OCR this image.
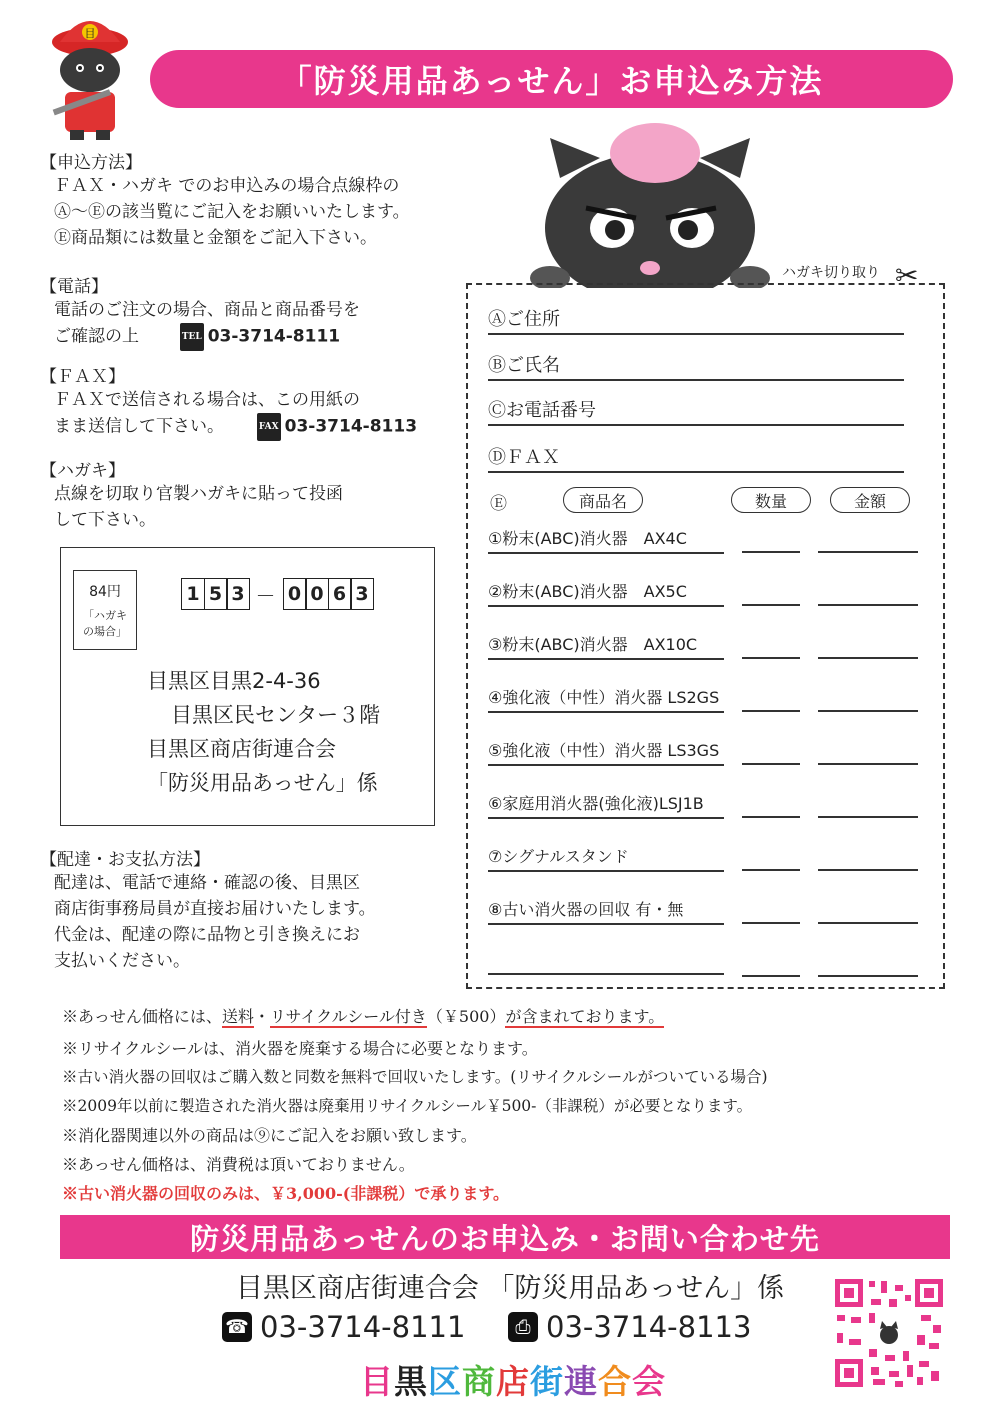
目
「防災用品あっせん」お申込み方法
【申込方法】
ＦＡＸ・ハガキ でのお申込みの場合点線枠の
Ⓐ～Ⓔの該当覧にご記入をお願いいたします。
Ⓔ商品類には数量と金額をご記入下さい。
【電話】
電話のご注文の場合、商品と商品番号を
ご確認の上	TEL 03-3714-8111
【ＦＡＸ】
ＦＡＸで送信される場合は、この用紙の
まま送信して下さい。	FAX 03-3714-8113
【ハガキ】
点線を切取り官製ハガキに貼って投函
して下さい。
84円
「ハガキ
の場合」
1 5 3 － 0 0 6 3
目黒区目黒2-4-36
目黒区民センター３階
目黒区商店街連合会
「防災用品あっせん」係
【配達・お支払方法】
配達は、電話で連絡・確認の後、目黒区
商店街事務局員が直接お届けいたします。
代金は、配達の際に品物と引き換えにお
支払いください。
ハガキ切り取り ✂
Ⓐご住所
Ⓑご氏名
Ⓒお電話番号
ⒹＦＡＸ
Ⓔ	商品名	数量	金額
①粉末(ABC)消火器　AX4C
②粉末(ABC)消火器　AX5C
③粉末(ABC)消火器　AX10C
④強化液（中性）消火器 LS2GS
⑤強化液（中性）消火器 LS3GS
⑥家庭用消火器(強化液)LSJ1B
⑦シグナルスタンド
⑧古い消火器の回収 有・無
※あっせん価格には、送料・リサイクルシール付き（￥500）が含まれております。
※リサイクルシールは、消火器を廃棄する場合に必要となります。
※古い消火器の回収はご購入数と同数を無料で回収いたします。(リサイクルシールがついている場合)
※2009年以前に製造された消火器は廃棄用リサイクルシール￥500-（非課税）が必要となります。
※消化器関連以外の商品は⑨にご記入をお願い致します。
※あっせん価格は、消費税は頂いておりません。
※古い消火器の回収のみは、￥3,000-(非課税）で承ります。
防災用品あっせんのお申込み・お問い合わせ先
目黒区商店街連合会 「防災用品あっせん」係
☎ 03-3714-8111	⎙ 03-3714-8113
目黒区商店街連合会
